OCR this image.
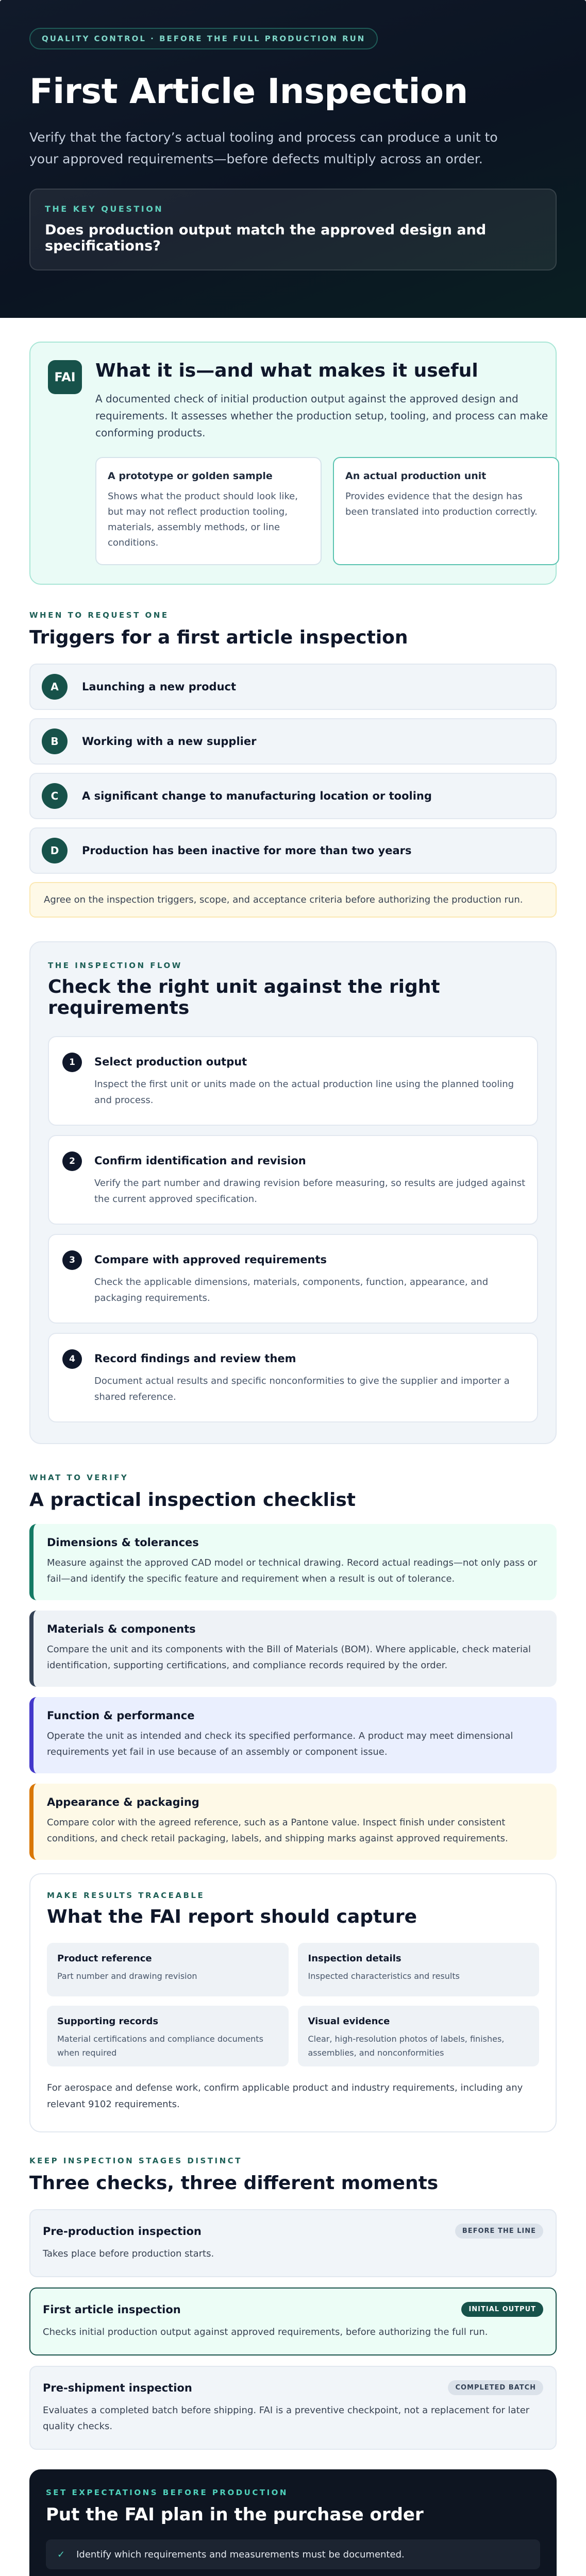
QUALITY CONTROL · BEFORE THE FULL PRODUCTION RUN
First Article Inspection

Verify that the factory’s actual tooling and process can produce a unit to your approved requirements—before defects multiply across an order.

THE KEY QUESTION
Does production output match the approved design and specifications?
FAI	What it is—and what makes it useful

A documented check of initial production output against the approved design and requirements. It assesses whether the production setup, tooling, and process can make conforming products.

A prototype or golden sample
Shows what the product should look like, but may not reflect production tooling, materials, assembly methods, or line conditions.
An actual production unit
Provides evidence that the design has been translated into production correctly.
WHEN TO REQUEST ONE
Triggers for a first article inspection
A	Launching a new product
B	Working with a new supplier
C	A significant change to manufacturing location or tooling
D	Production has been inactive for more than two years
Agree on the inspection triggers, scope, and acceptance criteria before authorizing the production run.
THE INSPECTION FLOW
Check the right unit against the right requirements
1	Select production output
Inspect the first unit or units made on the actual production line using the planned tooling and process.
2	Confirm identification and revision
Verify the part number and drawing revision before measuring, so results are judged against the current approved specification.
3	Compare with approved requirements
Check the applicable dimensions, materials, components, function, appearance, and packaging requirements.
4	Record findings and review them
Document actual results and specific nonconformities to give the supplier and importer a shared reference.
WHAT TO VERIFY
A practical inspection checklist
Dimensions & tolerances
Measure against the approved CAD model or technical drawing. Record actual readings—not only pass or fail—and identify the specific feature and requirement when a result is out of tolerance.
Materials & components
Compare the unit and its components with the Bill of Materials (BOM). Where applicable, check material identification, supporting certifications, and compliance records required by the order.
Function & performance
Operate the unit as intended and check its specified performance. A product may meet dimensional requirements yet fail in use because of an assembly or component issue.
Appearance & packaging
Compare color with the agreed reference, such as a Pantone value. Inspect finish under consistent conditions, and check retail packaging, labels, and shipping marks against approved requirements.
MAKE RESULTS TRACEABLE
What the FAI report should capture
Product reference
Part number and drawing revision
Inspection details
Inspected characteristics and results
Supporting records
Material certifications and compliance documents when required
Visual evidence
Clear, high-resolution photos of labels, finishes, assemblies, and nonconformities

For aerospace and defense work, confirm applicable product and industry requirements, including any relevant 9102 requirements.

KEEP INSPECTION STAGES DISTINCT
Three checks, three different moments
Pre-production inspection	BEFORE THE LINE
Takes place before production starts.
First article inspection	INITIAL OUTPUT
Checks initial production output against approved requirements, before authorizing the full run.
Pre-shipment inspection	COMPLETED BATCH
Evaluates a completed batch before shipping. FAI is a preventive checkpoint, not a replacement for later quality checks.
SET EXPECTATIONS BEFORE PRODUCTION
Put the FAI plan in the purchase order
✓ Identify which requirements and measurements must be documented.
